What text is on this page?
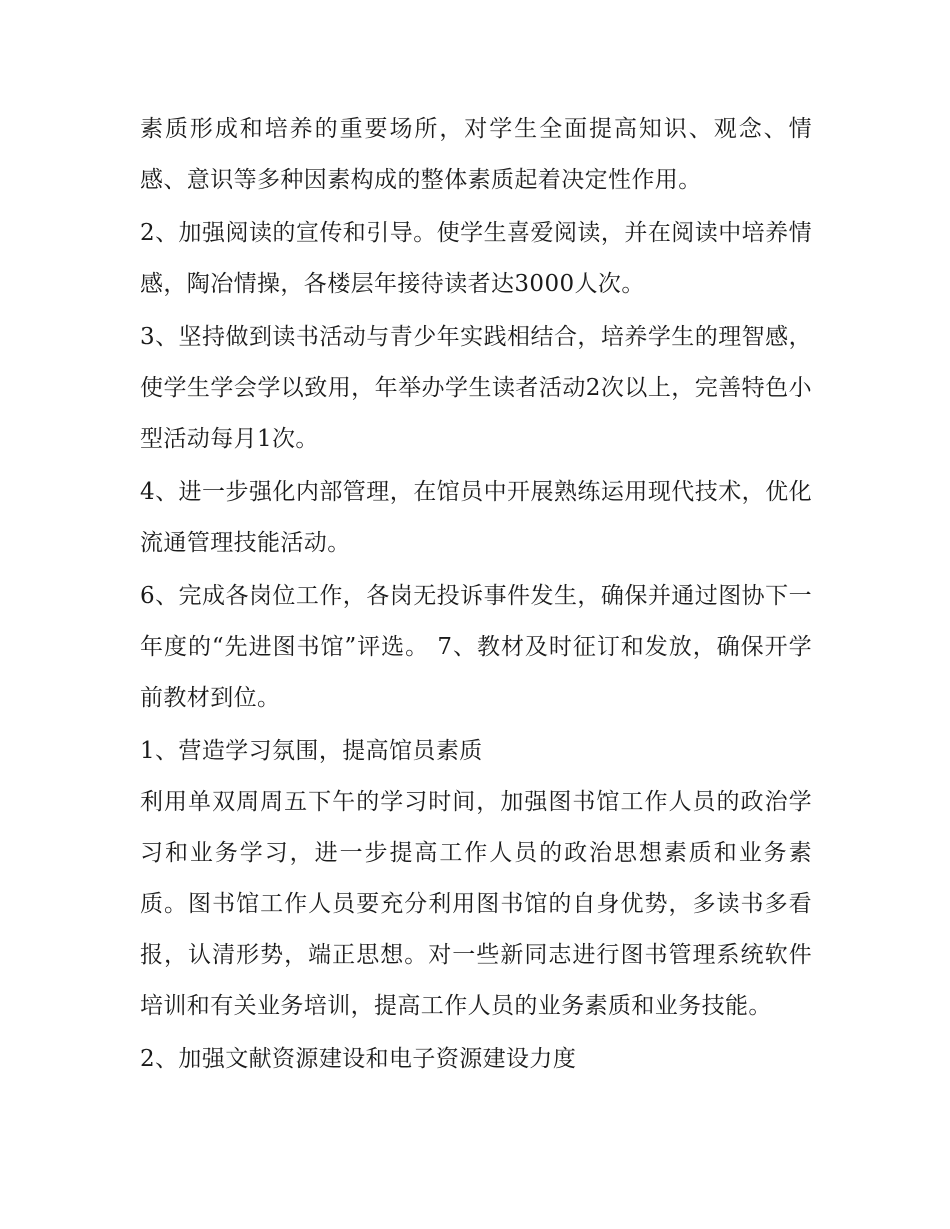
素质形成和培养的重要场所，对学生全面提高知识、观念、情感、意识等多种因素构成的整体素质起着决定性作用。

2、加强阅读的宣传和引导。使学生喜爱阅读，并在阅读中培养情感，陶冶情操，各楼层年接待读者达3000人次。

3、坚持做到读书活动与青少年实践相结合，培养学生的理智感，使学生学会学以致用，年举办学生读者活动2次以上，完善特色小型活动每月1次。

4、进一步强化内部管理，在馆员中开展熟练运用现代技术，优化流通管理技能活动。

6、完成各岗位工作，各岗无投诉事件发生，确保并通过图协下一年度的“先进图书馆”评选。 7、教材及时征订和发放，确保开学前教材到位。

1、营造学习氛围，提高馆员素质

利用单双周周五下午的学习时间，加强图书馆工作人员的政治学习和业务学习，进一步提高工作人员的政治思想素质和业务素质。图书馆工作人员要充分利用图书馆的自身优势，多读书多看报，认清形势，端正思想。对一些新同志进行图书管理系统软件培训和有关业务培训，提高工作人员的业务素质和业务技能。

2、加强文献资源建设和电子资源建设力度
